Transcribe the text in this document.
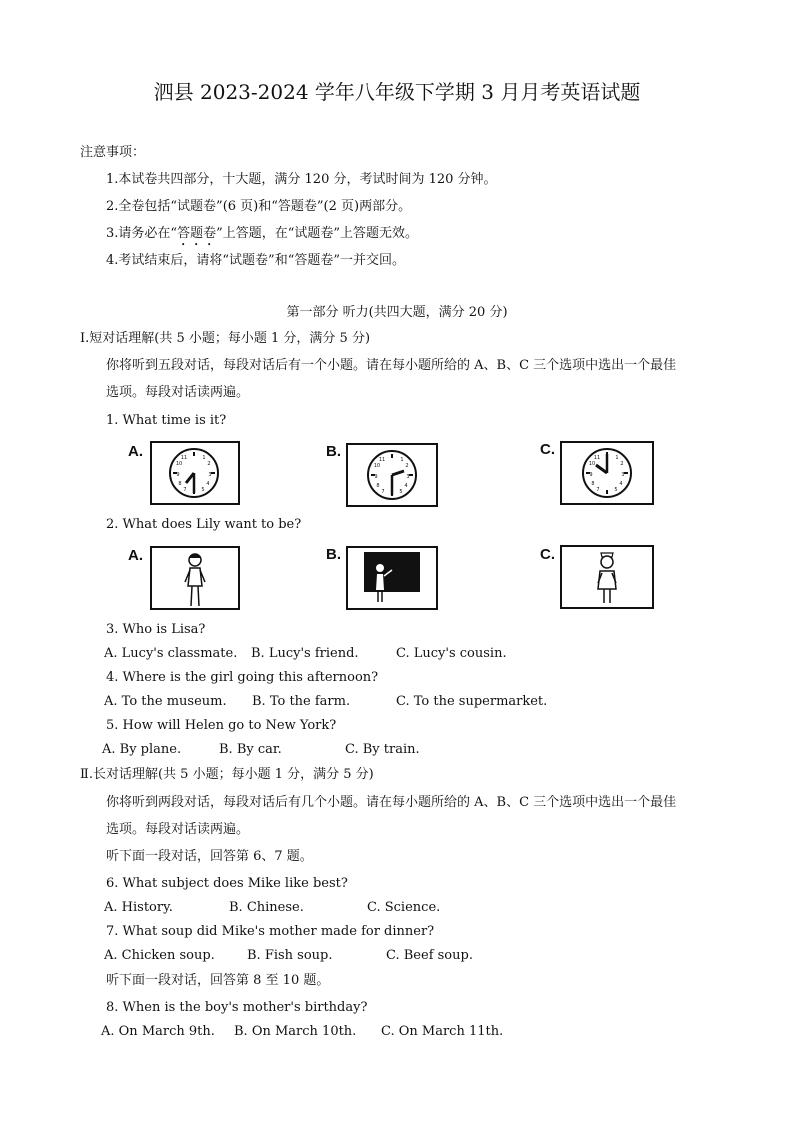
泗县 2023-2024 学年八年级下学期 3 月月考英语试题
注意事项：
1.本试卷共四部分，十大题，满分 120 分，考试时间为 120 分钟。
2.全卷包括“试题卷”(6 页)和“答题卷”(2 页)两部分。
3.请务必在“答题卷”上答题，在“试题卷”上答题无效。
4.考试结束后，请将“试题卷”和“答题卷”一并交回。
第一部分 听力(共四大题，满分 20 分)
Ⅰ.短对话理解(共 5 小题；每小题 1 分，满分 5 分)
你将听到五段对话，每段对话后有一个小题。请在每小题所给的 A、B、C 三个选项中选出一个最佳
选项。每段对话读两遍。
1. What time is it?
A.	1
2
3
4
5
7
8
9
10
11	B.	1
2
3
4
5
7
8
9
10
11
C.	1
2
3
4
5
7
8
9
10
11
2. What does Lily want to be?
A.	B.	C.
3. Who is Lisa?
A. Lucy's classmate. B. Lucy's friend.	C. Lucy's cousin.
4. Where is the girl going this afternoon?
A. To the museum. B. To the farm.	C. To the supermarket.
5. How will Helen go to New York?
A. By plane.	B. By car.	C. By train.
Ⅱ.长对话理解(共 5 小题；每小题 1 分，满分 5 分)
你将听到两段对话，每段对话后有几个小题。请在每小题所给的 A、B、C 三个选项中选出一个最佳
选项。每段对话读两遍。
听下面一段对话，回答第 6、7 题。
6. What subject does Mike like best?
A. History.	B. Chinese.	C. Science.
7. What soup did Mike's mother made for dinner?
A. Chicken soup. B. Fish soup.	C. Beef soup.
听下面一段对话，回答第 8 至 10 题。
8. When is the boy's mother's birthday?
A. On March 9th. B. On March 10th. C. On March 11th.
